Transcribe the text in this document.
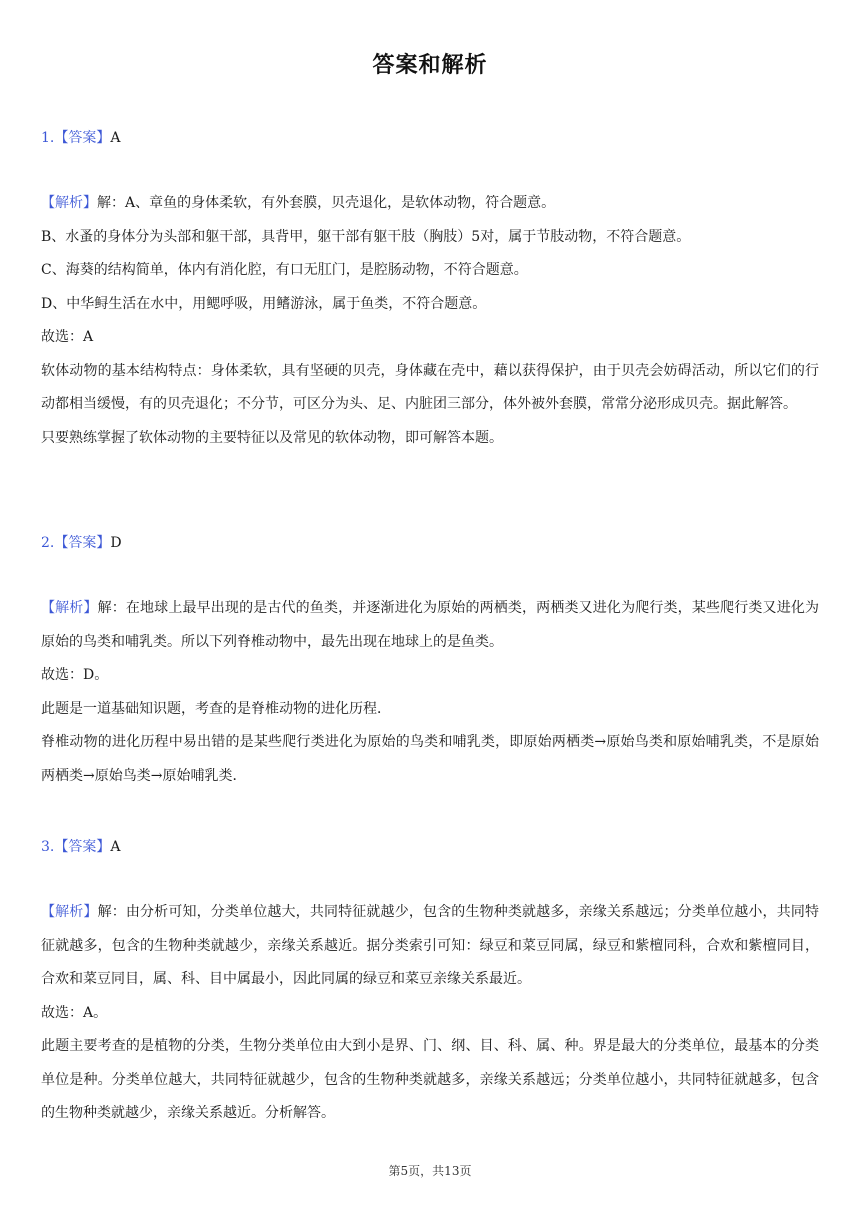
答案和解析
1.【答案】A
【解析】解：A、章鱼的身体柔软，有外套膜，贝壳退化，是软体动物，符合题意。
B、水蚤的身体分为头部和躯干部，具背甲，躯干部有躯干肢（胸肢）5对，属于节肢动物，不符合题意。
C、海葵的结构简单，体内有消化腔，有口无肛门，是腔肠动物，不符合题意。
D、中华鲟生活在水中，用鳃呼吸，用鳍游泳，属于鱼类，不符合题意。
故选：A
软体动物的基本结构特点：身体柔软，具有坚硬的贝壳，身体藏在壳中，藉以获得保护，由于贝壳会妨碍活动，所以它们的行动都相当缓慢，有的贝壳退化；不分节，可区分为头、足、内脏团三部分，体外被外套膜，常常分泌形成贝壳。据此解答。
只要熟练掌握了软体动物的主要特征以及常见的软体动物，即可解答本题。
2.【答案】D
【解析】解：在地球上最早出现的是古代的鱼类，并逐渐进化为原始的两栖类，两栖类又进化为爬行类，某些爬行类又进化为原始的鸟类和哺乳类。所以下列脊椎动物中，最先出现在地球上的是鱼类。
故选：D。
此题是一道基础知识题，考查的是脊椎动物的进化历程．
脊椎动物的进化历程中易出错的是某些爬行类进化为原始的鸟类和哺乳类，即原始两栖类→原始鸟类和原始哺乳类，不是原始两栖类→原始鸟类→原始哺乳类．
3.【答案】A
【解析】解：由分析可知，分类单位越大，共同特征就越少，包含的生物种类就越多，亲缘关系越远；分类单位越小，共同特征就越多，包含的生物种类就越少，亲缘关系越近。据分类索引可知：绿豆和菜豆同属，绿豆和紫檀同科，合欢和紫檀同目，合欢和菜豆同目，属、科、目中属最小，因此同属的绿豆和菜豆亲缘关系最近。
故选：A。
此题主要考查的是植物的分类，生物分类单位由大到小是界、门、纲、目、科、属、种。界是最大的分类单位，最基本的分类单位是种。分类单位越大，共同特征就越少，包含的生物种类就越多，亲缘关系越远；分类单位越小，共同特征就越多，包含的生物种类就越少，亲缘关系越近。分析解答。
第5页，共13页
